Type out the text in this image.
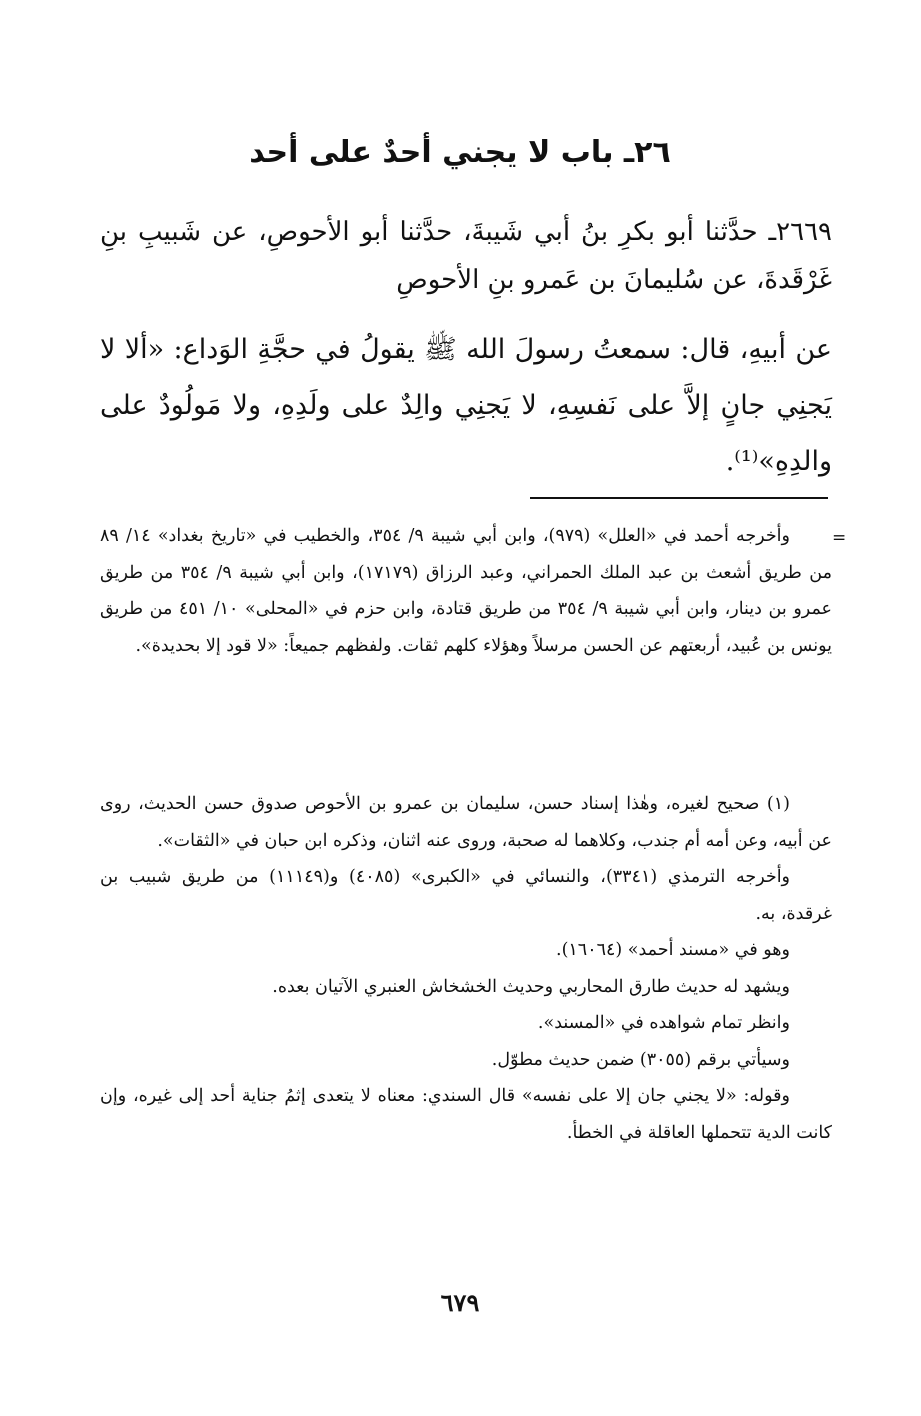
٢٦ـ باب لا يجني أحدٌ على أحد
٢٦٦٩ـ حدَّثنا أبو بكرِ بنُ أبي شَيبةَ، حدَّثنا أبو الأحوصِ، عن شَبيبِ بنِ غَرْقَدةَ، عن سُليمانَ بن عَمرو بنِ الأحوصِ
عن أبيهِ، قال: سمعتُ رسولَ الله ﷺ يقولُ في حجَّةِ الوَداع: «ألا لا يَجنِي جانٍ إلاَّ على نَفسِهِ، لا يَجنِي والِدٌ على ولَدِهِ، ولا مَولُودٌ على والدِهِ»⁽¹⁾.
=

وأخرجه أحمد في «العلل» (٩٧٩)، وابن أبي شيبة ٩/ ٣٥٤، والخطيب في «تاريخ بغداد» ١٤/ ٨٩ من طريق أشعث بن عبد الملك الحمراني، وعبد الرزاق (١٧١٧٩)، وابن أبي شيبة ٩/ ٣٥٤ من طريق عمرو بن دينار، وابن أبي شيبة ٩/ ٣٥٤ من طريق قتادة، وابن حزم في «المحلى» ١٠/ ٤٥١ من طريق يونس بن عُبيد، أربعتهم عن الحسن مرسلاً وهؤلاء كلهم ثقات. ولفظهم جميعاً: «لا قود إلا بحديدة».

(١) صحيح لغيره، وهٰذا إسناد حسن، سليمان بن عمرو بن الأحوص صدوق حسن الحديث، روى عن أبيه، وعن أمه أم جندب، وكلاهما له صحبة، وروى عنه اثنان، وذكره ابن حبان في «الثقات».

وأخرجه الترمذي (٣٣٤١)، والنسائي في «الكبرى» (٤٠٨٥) و(١١١٤٩) من طريق شبيب بن غرقدة، به.

وهو في «مسند أحمد» (١٦٠٦٤).

ويشهد له حديث طارق المحاربي وحديث الخشخاش العنبري الآتيان بعده.

وانظر تمام شواهده في «المسند».

وسيأتي برقم (٣٠٥٥) ضمن حديث مطوّل.

وقوله: «لا يجني جان إلا على نفسه» قال السندي: معناه لا يتعدى إثمُ جناية أحد إلى غيره، وإن كانت الدية تتحملها العاقلة في الخطأ.

٦٧٩
